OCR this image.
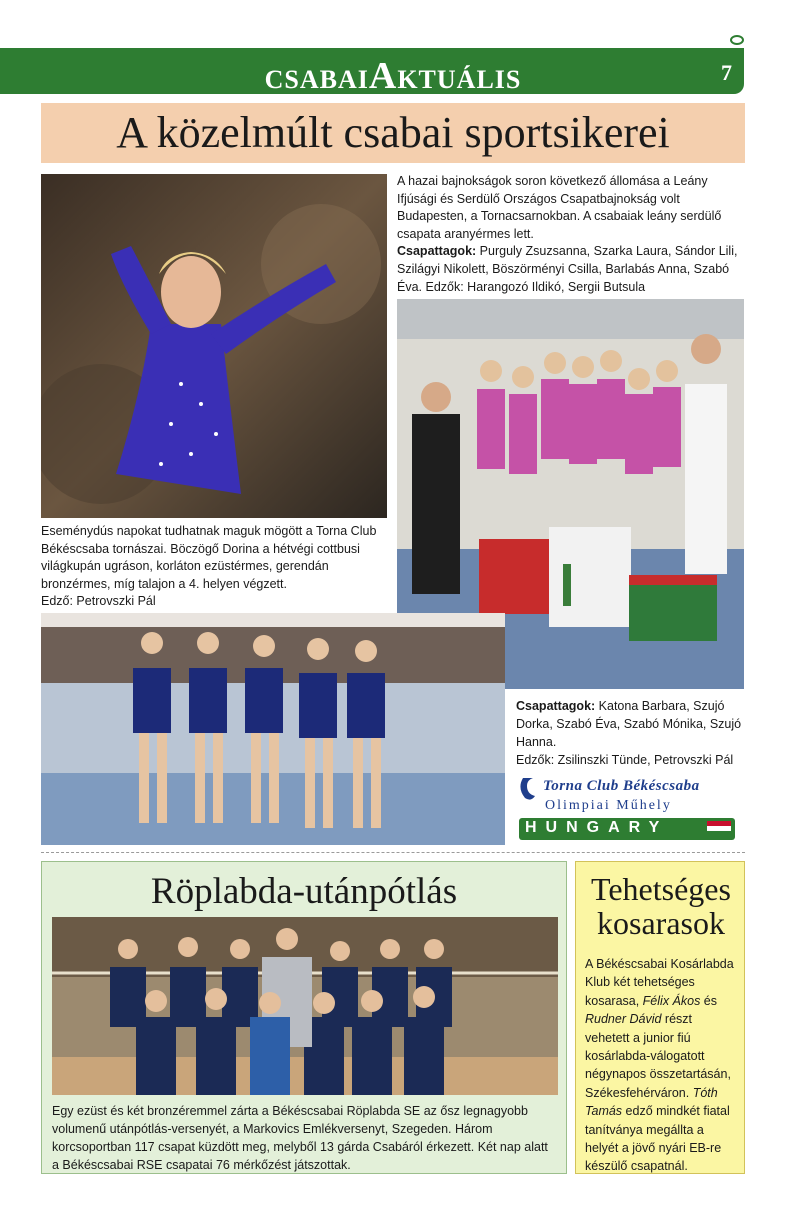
CSABAIAKTUÁLIS	7
A közelmúlt csabai sportsikerei
A hazai bajnokságok soron következő állomása a Leány Ifjúsági és Serdülő Országos Csapatbajnokság volt Budapesten, a Tornacsarnokban. A csabaiak leány serdülő csapata aranyérmes lett.
Csapattagok: Purguly Zsuzsanna, Szarka Laura, Sándor Lili, Szilágyi Nikolett, Böszörményi Csilla, Barlabás Anna, Szabó Éva. Edzők: Harangozó Ildikó, Sergii Butsula
Eseménydús napokat tudhatnak maguk mögött a Torna Club Békéscsaba tornászai. Böczögő Dorina a hétvégi cottbusi világkupán ugráson, korláton ezüstérmes, gerendán bronzérmes, míg talajon a 4. helyen végzett.
Edző: Petrovszki Pál
Csapattagok: Katona Barbara, Szujó Dorka, Szabó Éva, Szabó Mónika, Szujó Hanna.
Edzők: Zsilinszki Tünde, Petrovszki Pál
Torna Club Békéscsaba
Olimpiai Műhely
HUNGARY
Röplabda-utánpótlás
Egy ezüst és két bronzéremmel zárta a Békéscsabai Röplabda SE az ősz legnagyobb volumenű utánpótlás-versenyét, a Markovics Emlékversenyt, Szegeden. Három korcsoportban 117 csapat küzdött meg, melyből 13 gárda Csabáról érkezett. Két nap alatt a Békéscsabai RSE csapatai 76 mérkőzést játszottak.
Tehetséges kosarasok
A Békéscsabai Kosárlabda Klub két tehetséges kosarasa, Félix Ákos és Rudner Dávid részt vehetett a junior fiú kosárlabda-válogatott négynapos összetartásán, Székesfehérváron. Tóth Tamás edző mindkét fiatal tanítványa megállta a helyét a jövő nyári EB-re készülő csapatnál.
